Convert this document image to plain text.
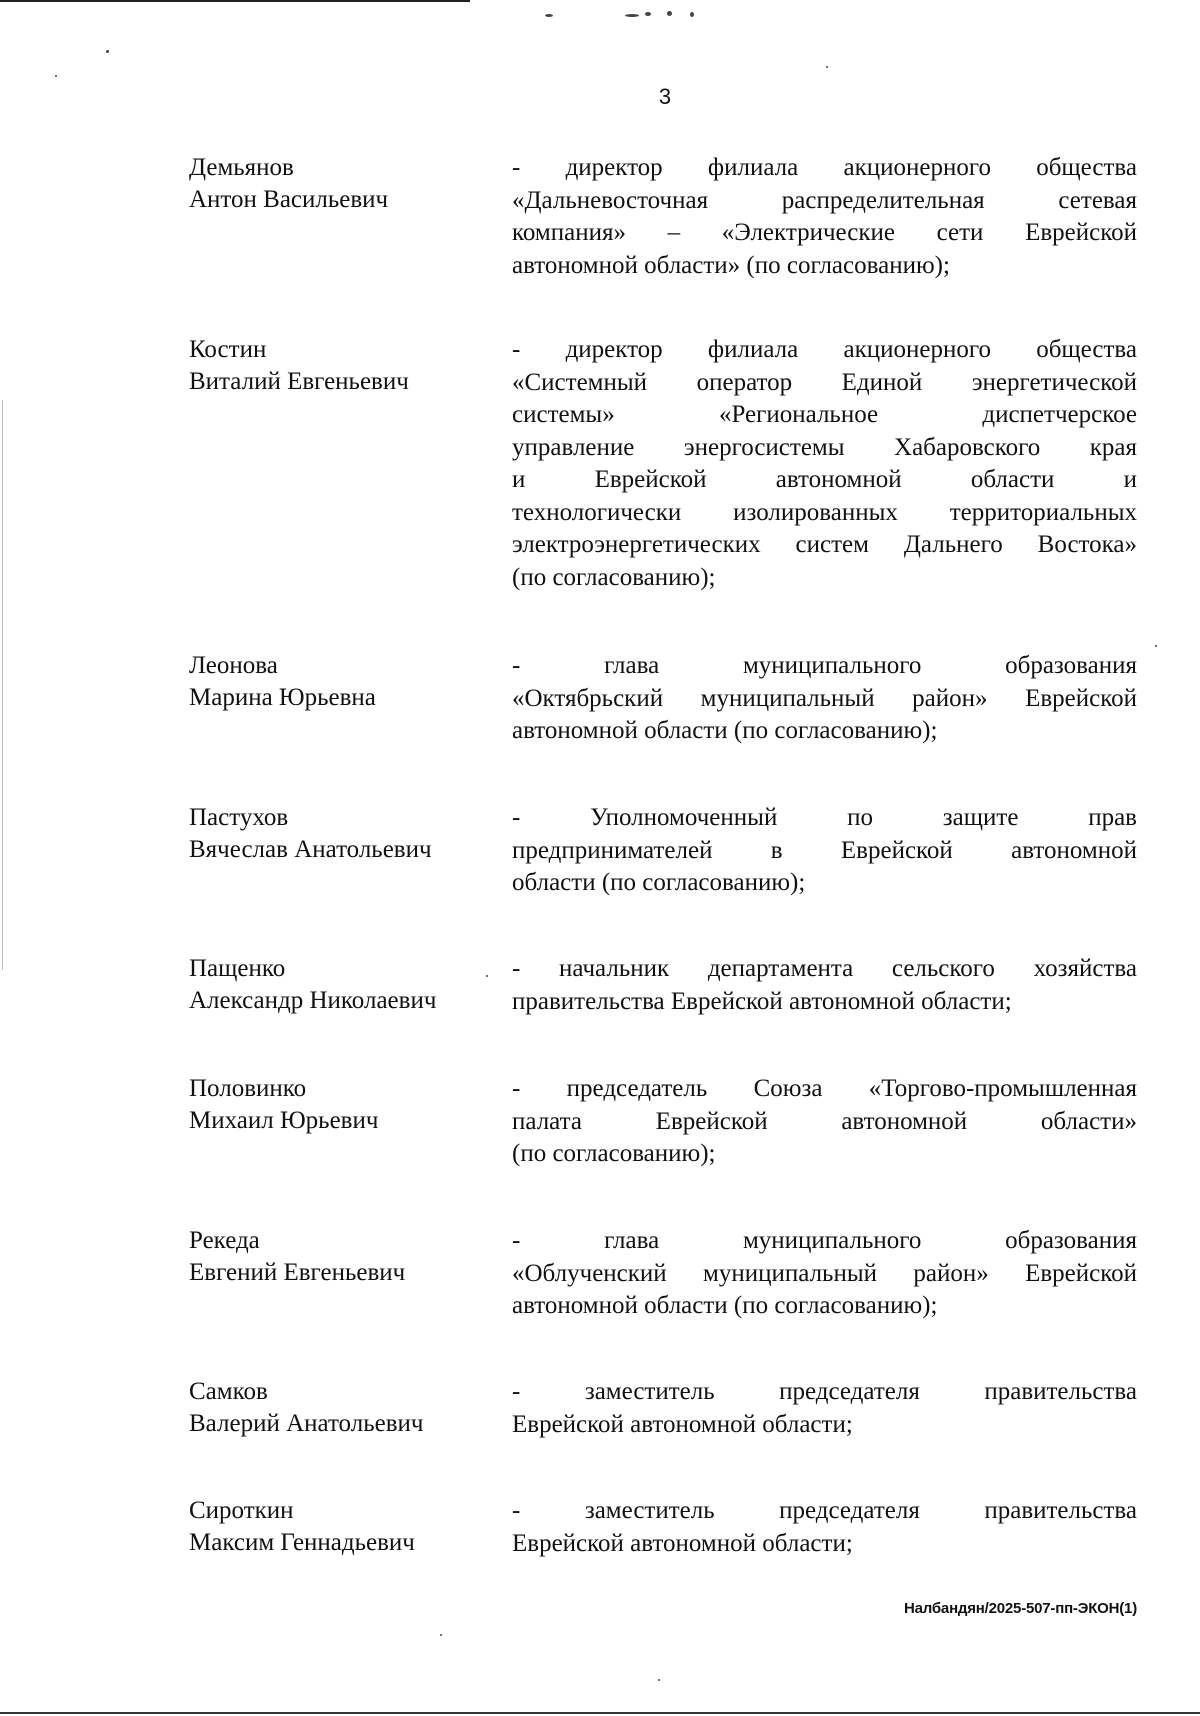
3
Демьянов
Антон Васильевич
- директор филиала акционерного общества
«Дальневосточная распределительная сетевая
компания» – «Электрические сети Еврейской
автономной области» (по согласованию);
Костин
Виталий Евгеньевич
- директор филиала акционерного общества
«Системный оператор Единой энергетической
системы» «Региональное диспетчерское
управление энергосистемы Хабаровского края
и Еврейской автономной области и
технологически изолированных территориальных
электроэнергетических систем Дальнего Востока»
(по согласованию);
Леонова
Марина Юрьевна
- глава муниципального образования
«Октябрьский муниципальный район» Еврейской
автономной области (по согласованию);
Пастухов
Вячеслав Анатольевич
- Уполномоченный по защите прав
предпринимателей в Еврейской автономной
области (по согласованию);
Пащенко
Александр Николаевич
- начальник департамента сельского хозяйства
правительства Еврейской автономной области;
Половинко
Михаил Юрьевич
- председатель Союза «Торгово-промышленная
палата Еврейской автономной области»
(по согласованию);
Рекеда
Евгений Евгеньевич
- глава муниципального образования
«Облученский муниципальный район» Еврейской
автономной области (по согласованию);
Самков
Валерий Анатольевич
- заместитель председателя правительства
Еврейской автономной области;
Сироткин
Максим Геннадьевич
- заместитель председателя правительства
Еврейской автономной области;
Налбандян/2025-507-пп-ЭКОН(1)
